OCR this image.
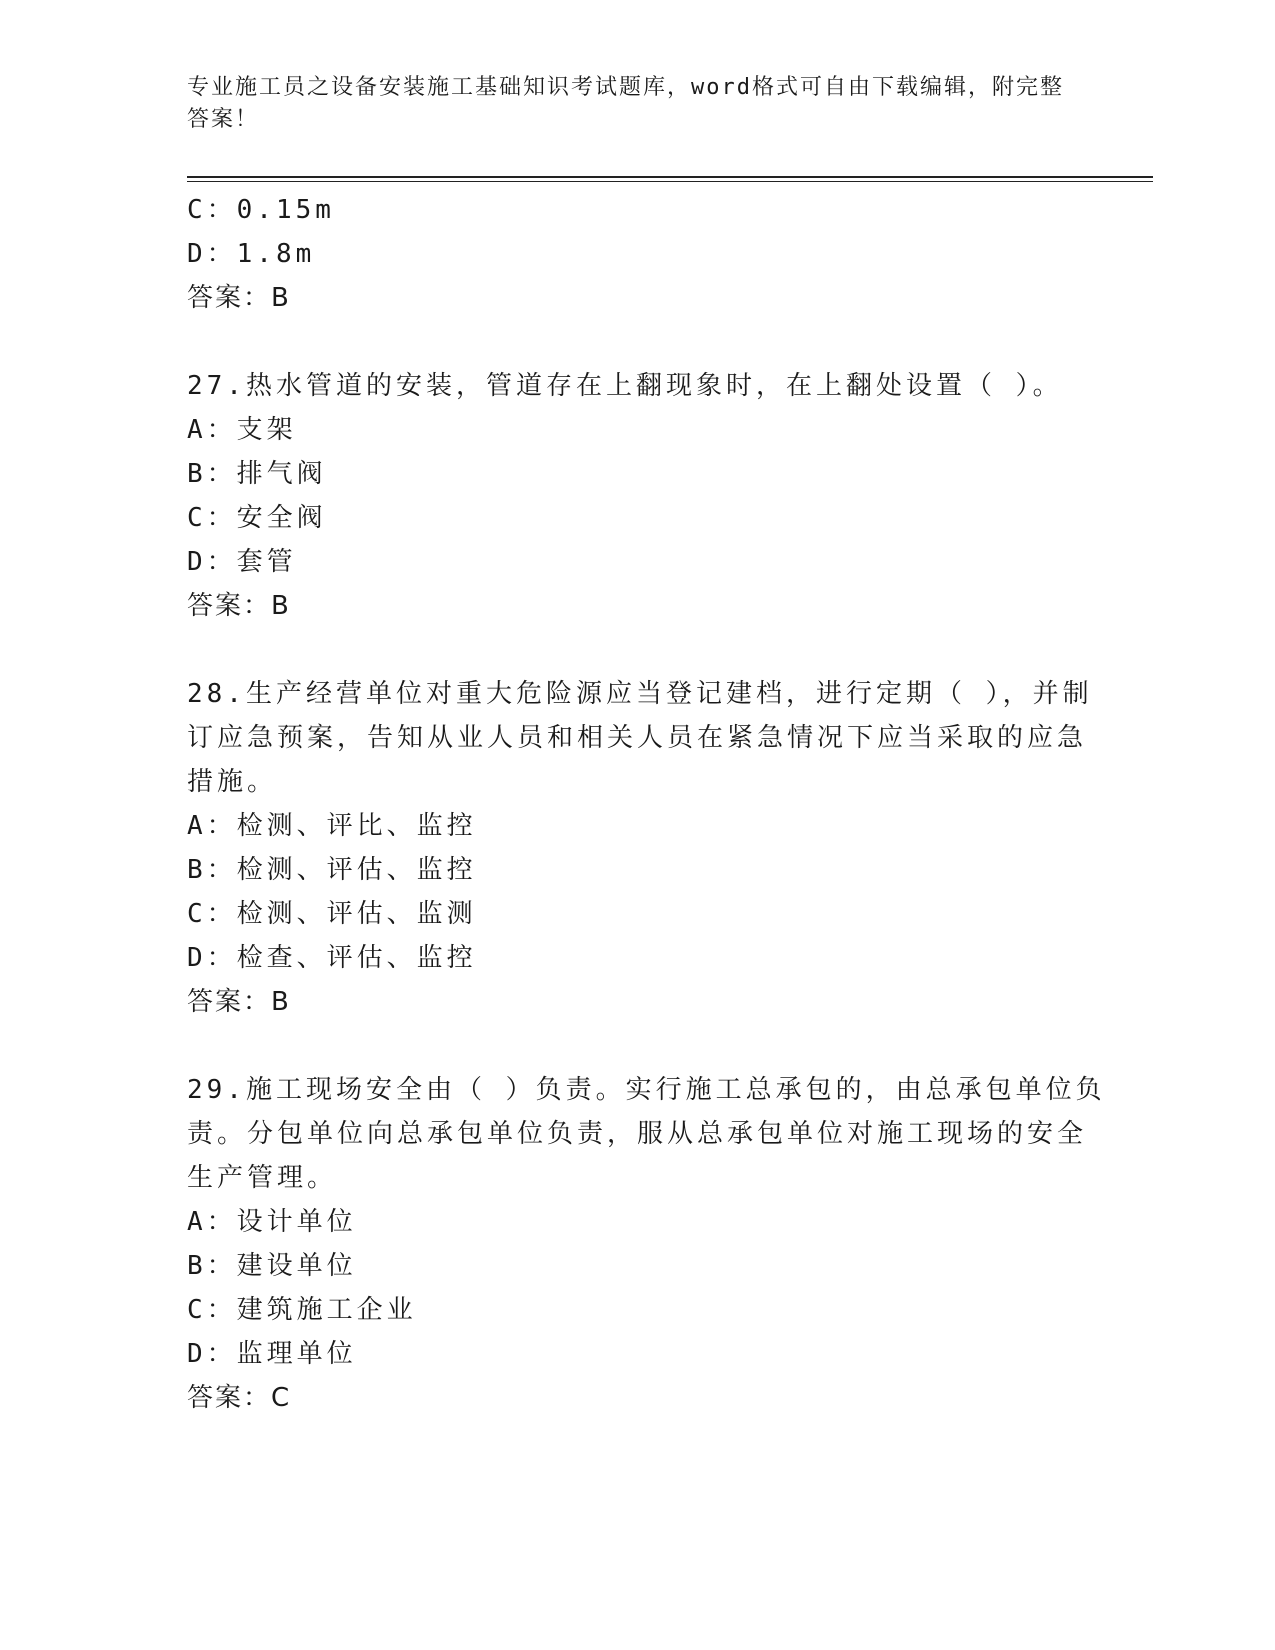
专业施工员之设备安装施工基础知识考试题库，word格式可自由下载编辑，附完整答案！
C：0.15m
D：1.8m
答案：B
27.热水管道的安装，管道存在上翻现象时，在上翻处设置（ ）。
A：支架
B：排气阀
C：安全阀
D：套管
答案：B
28.生产经营单位对重大危险源应当登记建档，进行定期（ ），并制
订应急预案，告知从业人员和相关人员在紧急情况下应当采取的应急
措施。
A：检测、评比、监控
B：检测、评估、监控
C：检测、评估、监测
D：检查、评估、监控
答案：B
29.施工现场安全由（ ）负责。实行施工总承包的，由总承包单位负
责。分包单位向总承包单位负责，服从总承包单位对施工现场的安全
生产管理。
A：设计单位
B：建设单位
C：建筑施工企业
D：监理单位
答案：C
